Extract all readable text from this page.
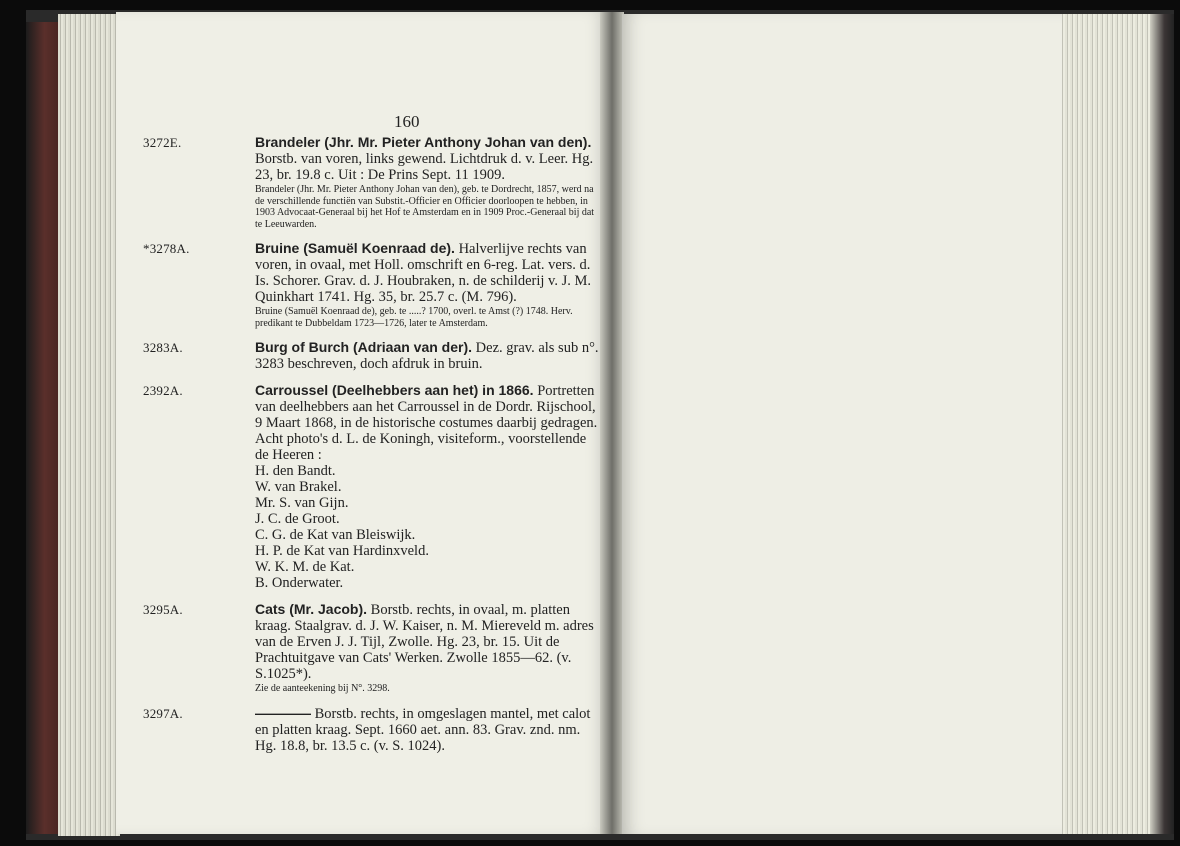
160
3272E.	Brandeler (Jhr. Mr. Pieter Anthony Johan van den). Borstb. van voren, links gewend. Lichtdruk d. v. Leer. Hg. 23, br. 19.8 c. Uit : De Prins Sept. 11 1909.
Brandeler (Jhr. Mr. Pieter Anthony Johan van den), geb. te Dordrecht, 1857, werd na de verschillende functiën van Substit.-Officier en Officier doorloopen te hebben, in 1903 Advocaat-Generaal bij het Hof te Amsterdam en in 1909 Proc.-Generaal bij dat te Leeuwarden.
*3278A.	Bruine (Samuël Koenraad de). Halverlijve rechts van voren, in ovaal, met Holl. omschrift en 6-reg. Lat. vers. d. Is. Schorer. Grav. d. J. Houbraken, n. de schilderij v. J. M. Quinkhart 1741. Hg. 35, br. 25.7 c. (M. 796).
Bruine (Samuël Koenraad de), geb. te .....? 1700, overl. te Amst (?) 1748. Herv. predikant te Dubbeldam 1723—1726, later te Amsterdam.
3283A.	Burg of Burch (Adriaan van der). Dez. grav. als sub n°. 3283 beschreven, doch afdruk in bruin.
2392A.	Carroussel (Deelhebbers aan het) in 1866. Portretten van deelhebbers aan het Carroussel in de Dordr. Rijschool, 9 Maart 1868, in de historische costumes daarbij gedragen. Acht photo's d. L. de Koningh, visiteform., voorstellende de Heeren :
H. den Bandt.
W. van Brakel.
Mr. S. van Gijn.
J. C. de Groot.
C. G. de Kat van Bleiswijk.
H. P. de Kat van Hardinxveld.
W. K. M. de Kat.
B. Onderwater.
3295A.	Cats (Mr. Jacob). Borstb. rechts, in ovaal, m. platten kraag. Staalgrav. d. J. W. Kaiser, n. M. Miereveld m. adres van de Erven J. J. Tijl, Zwolle. Hg. 23, br. 15. Uit de Prachtuitgave van Cats' Werken. Zwolle 1855—62. (v. S.1025*).
Zie de aanteekening bij N°. 3298.
3297A.	———— Borstb. rechts, in omgeslagen mantel, met calot en platten kraag. Sept. 1660 aet. ann. 83. Grav. znd. nm. Hg. 18.8, br. 13.5 c. (v. S. 1024).
